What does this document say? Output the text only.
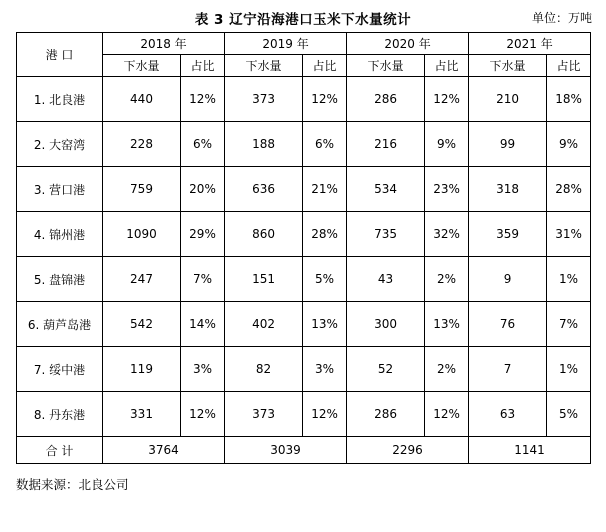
表 3 辽宁沿海港口玉米下水量统计	单位：万吨
港 口	2018 年		2019 年		2020 年		2021 年	
	下水量	占比	下水量	占比	下水量	占比	下水量	占比
1. 北良港	440	12%	373	12%	286	12%	210	18%
2. 大窑湾	228	6%	188	6%	216	9%	99	9%
3. 营口港	759	20%	636	21%	534	23%	318	28%
4. 锦州港	1090	29%	860	28%	735	32%	359	31%
5. 盘锦港	247	7%	151	5%	43	2%	9	1%
6. 葫芦岛港	542	14%	402	13%	300	13%	76	7%
7. 绥中港	119	3%	82	3%	52	2%	7	1%
8. 丹东港	331	12%	373	12%	286	12%	63	5%
合 计	3764		3039		2296		1141	
数据来源：北良公司
